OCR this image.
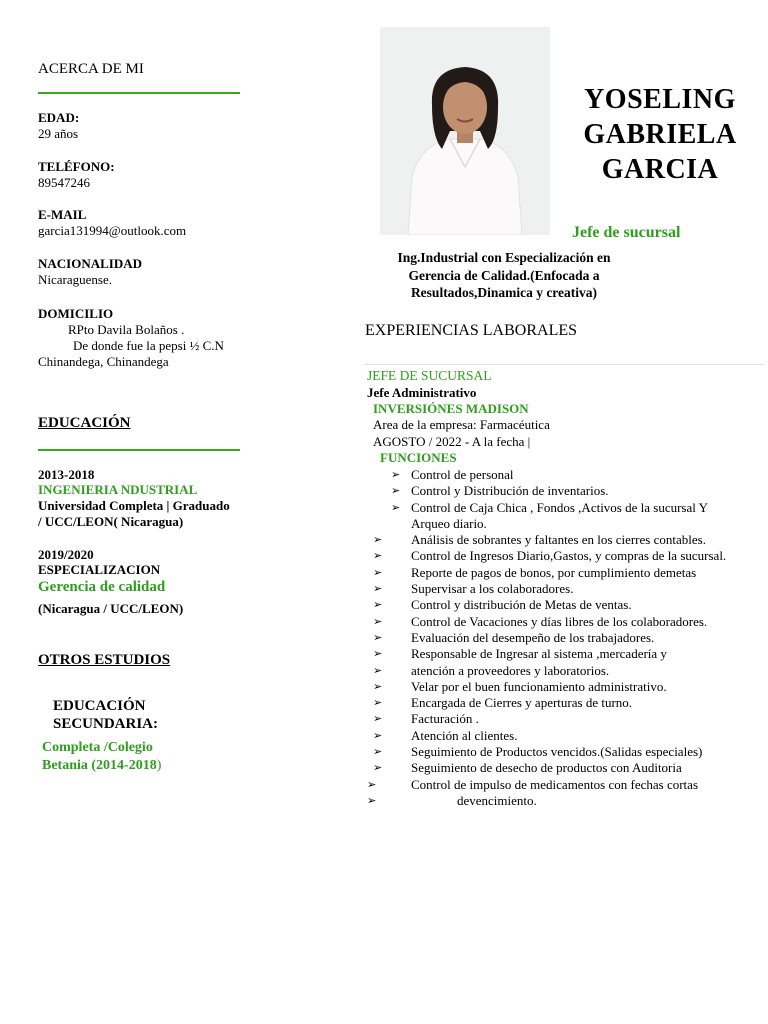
ACERCA DE MI
EDAD:
29 años
TELÉFONO:
89547246
E-MAIL
garcia131994@outlook.com
NACIONALIDAD
Nicaraguense.
DOMICILIO
RPto Davila Bolaños .
De donde fue la pepsi ½ C.N
Chinandega, Chinandega
EDUCACIÓN
2013-2018
INGENIERIA NDUSTRIAL
Universidad Completa | Graduado
/ UCC/LEON( Nicaragua)
2019/2020
ESPECIALIZACION
Gerencia de calidad
(Nicaragua / UCC/LEON)
OTROS ESTUDIOS
EDUCACIÓN
SECUNDARIA:
Completa /Colegio
Betania (2014-2018)
YOSELING
GABRIELA
GARCIA
Jefe de sucursal
Ing.Industrial con Especialización en
Gerencia de Calidad.(Enfocada a
Resultados,Dinamica y creativa)
EXPERIENCIAS LABORALES
JEFE DE SUCURSAL
Jefe Administrativo
INVERSIÓNES MADISON
Area de la empresa: Farmacéutica
AGOSTO / 2022 - A la fecha |
FUNCIONES
➢ Control de personal
➢ Control y Distribución de inventarios.
➢ Control de Caja Chica , Fondos ,Activos de la sucursal Y
Arqueo diario.
➢ Análisis de sobrantes y faltantes en los cierres contables.
➢ Control de Ingresos Diario,Gastos, y compras de la sucursal.
➢ Reporte de pagos de bonos, por cumplimiento demetas
➢ Supervisar a los colaboradores.
➢ Control y distribución de Metas de ventas.
➢ Control de Vacaciones y días libres de los colaboradores.
➢ Evaluación del desempeño de los trabajadores.
➢ Responsable de Ingresar al sistema ,mercadería y
➢ atención a proveedores y laboratorios.
➢ Velar por el buen funcionamiento administrativo.
➢ Encargada de Cierres y aperturas de turno.
➢ Facturación .
➢ Atención al clientes.
➢ Seguimiento de Productos vencidos.(Salidas especiales)
➢ Seguimiento de desecho de productos con Auditoria
➢	Control de impulso de medicamentos con fechas cortas
➢	devencimiento.
